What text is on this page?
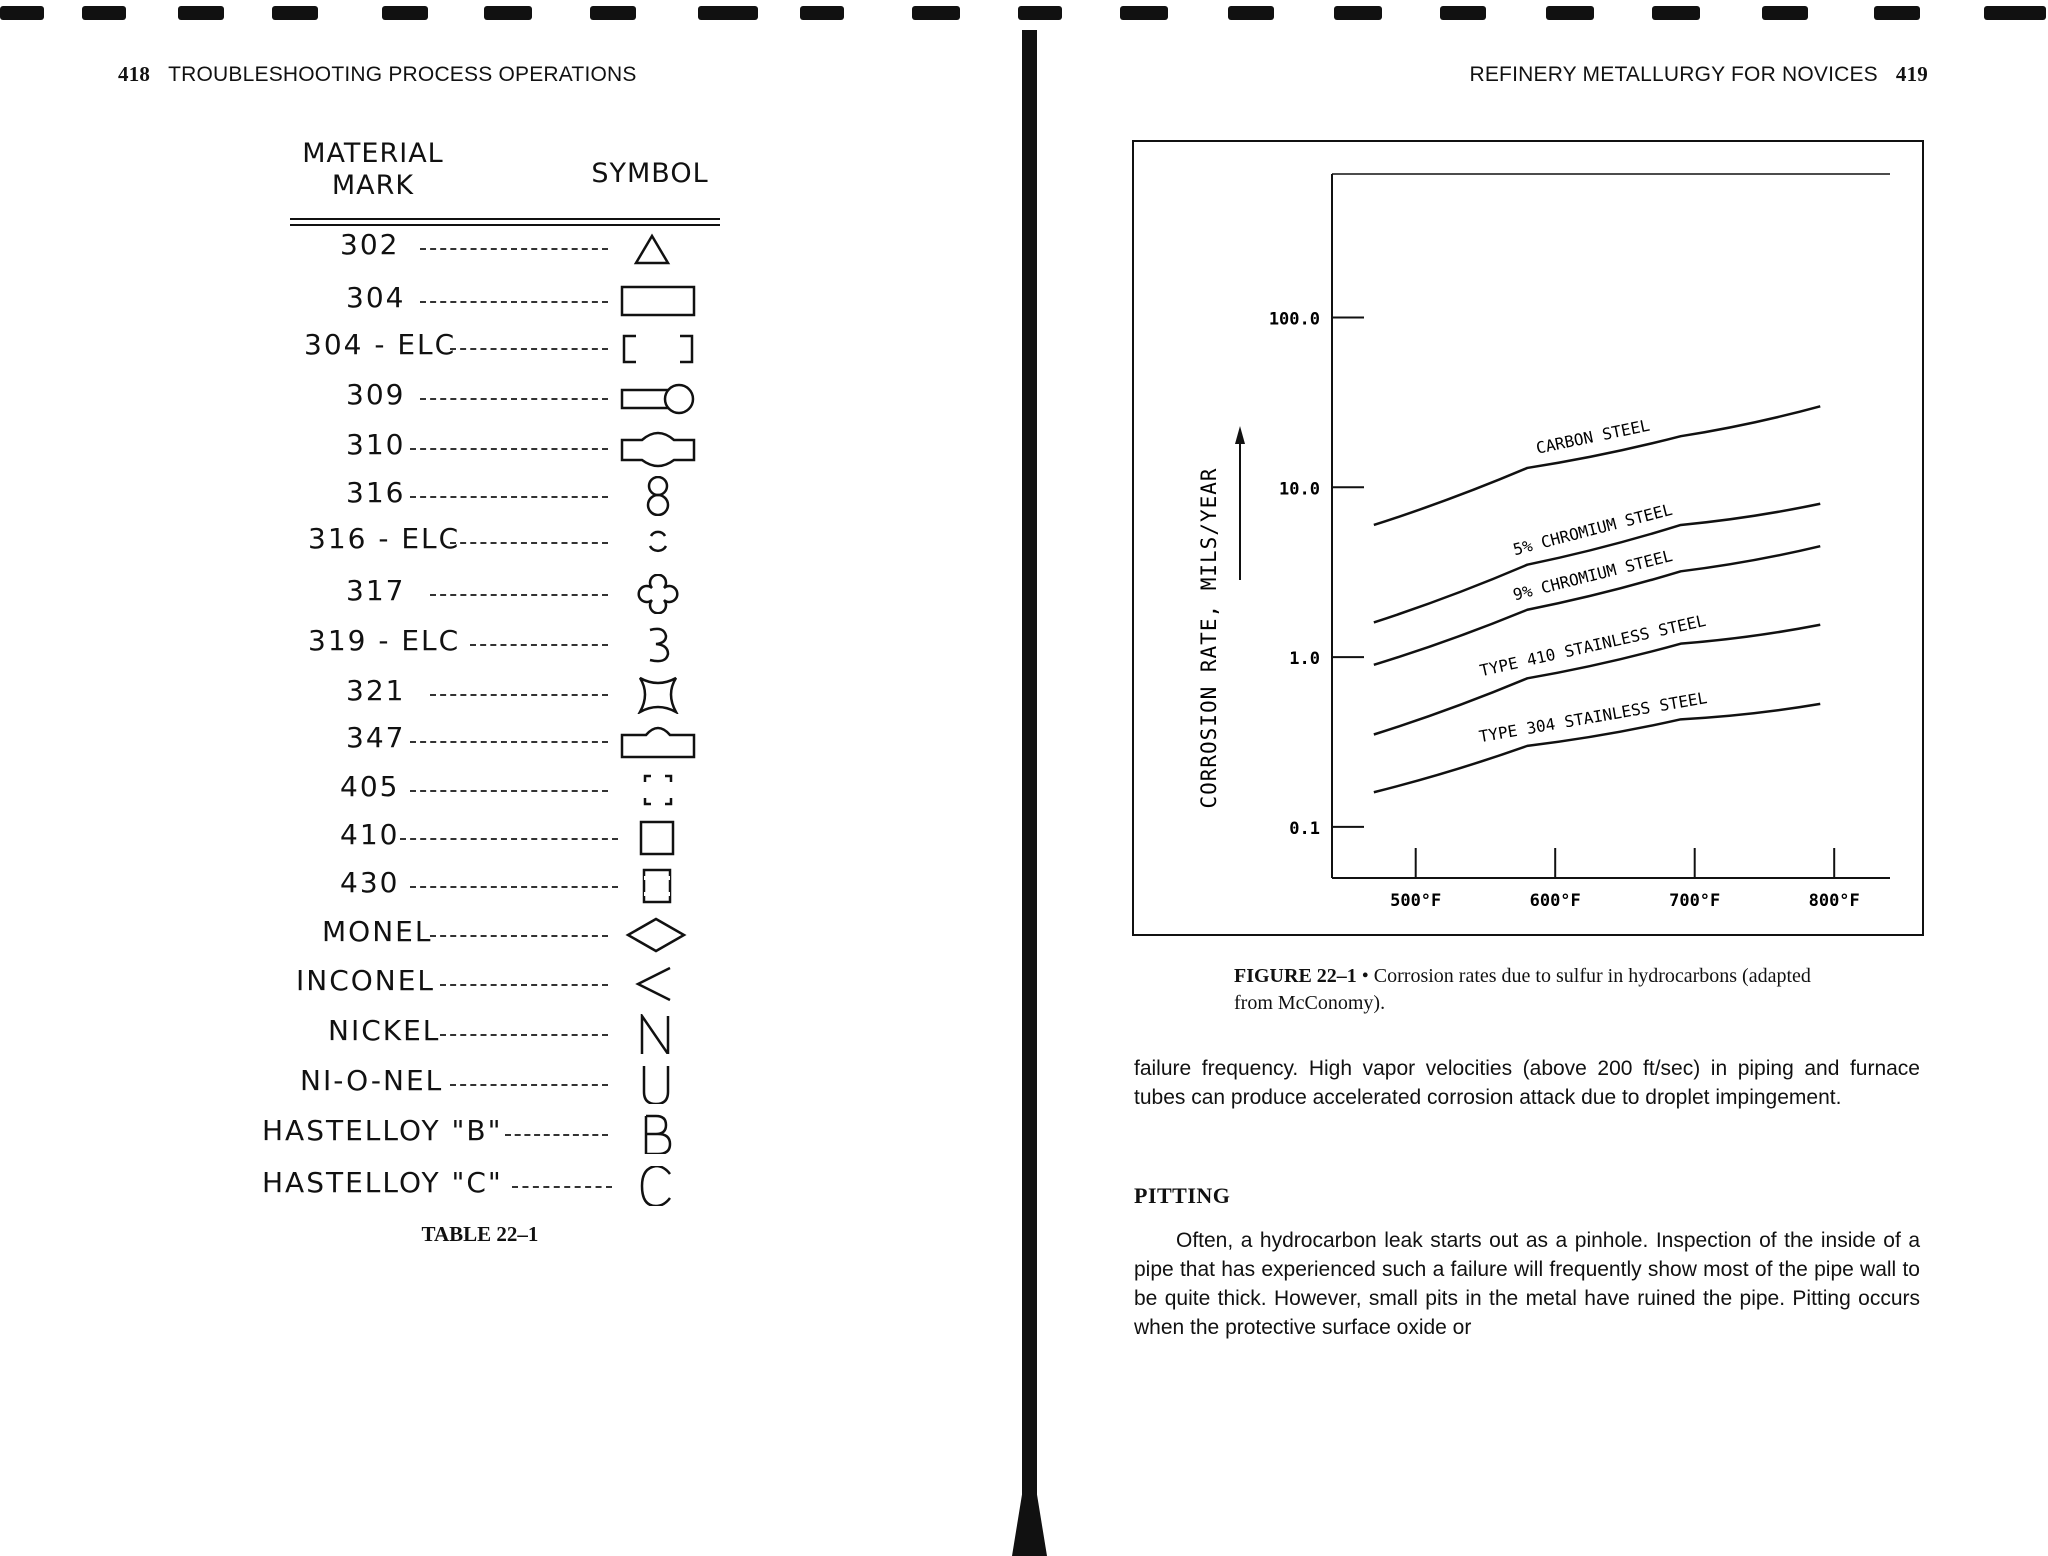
418 TROUBLESHOOTING PROCESS OPERATIONS
MATERIAL MARK	SYMBOL
302
304
304 - ELC
309
310
316
316 - ELC
317
319 - ELC
321
347
405
410
430
MONEL
INCONEL
NICKEL
NI-O-NEL
HASTELLOY "B"
HASTELLOY "C"
TABLE 22–1
REFINERY METALLURGY FOR NOVICES 419
0.1
1.0
10.0
100.0
500°F	600°F	700°F	800°F
CARBON STEEL
5% CHROMIUM STEEL
9% CHROMIUM STEEL
TYPE 410 STAINLESS STEEL
TYPE 304 STAINLESS STEEL
CORROSION RATE, MILS/YEAR
FIGURE 22–1 • Corrosion rates due to sulfur in hydrocarbons (adapted from McConomy).
failure frequency. High vapor velocities (above 200 ft/sec) in piping and furnace tubes can produce accelerated corrosion attack due to droplet impingement.
PITTING
Often, a hydrocarbon leak starts out as a pinhole. Inspection of the inside of a pipe that has experienced such a failure will frequently show most of the pipe wall to be quite thick. However, small pits in the metal have ruined the pipe. Pitting occurs when the protective surface oxide or
